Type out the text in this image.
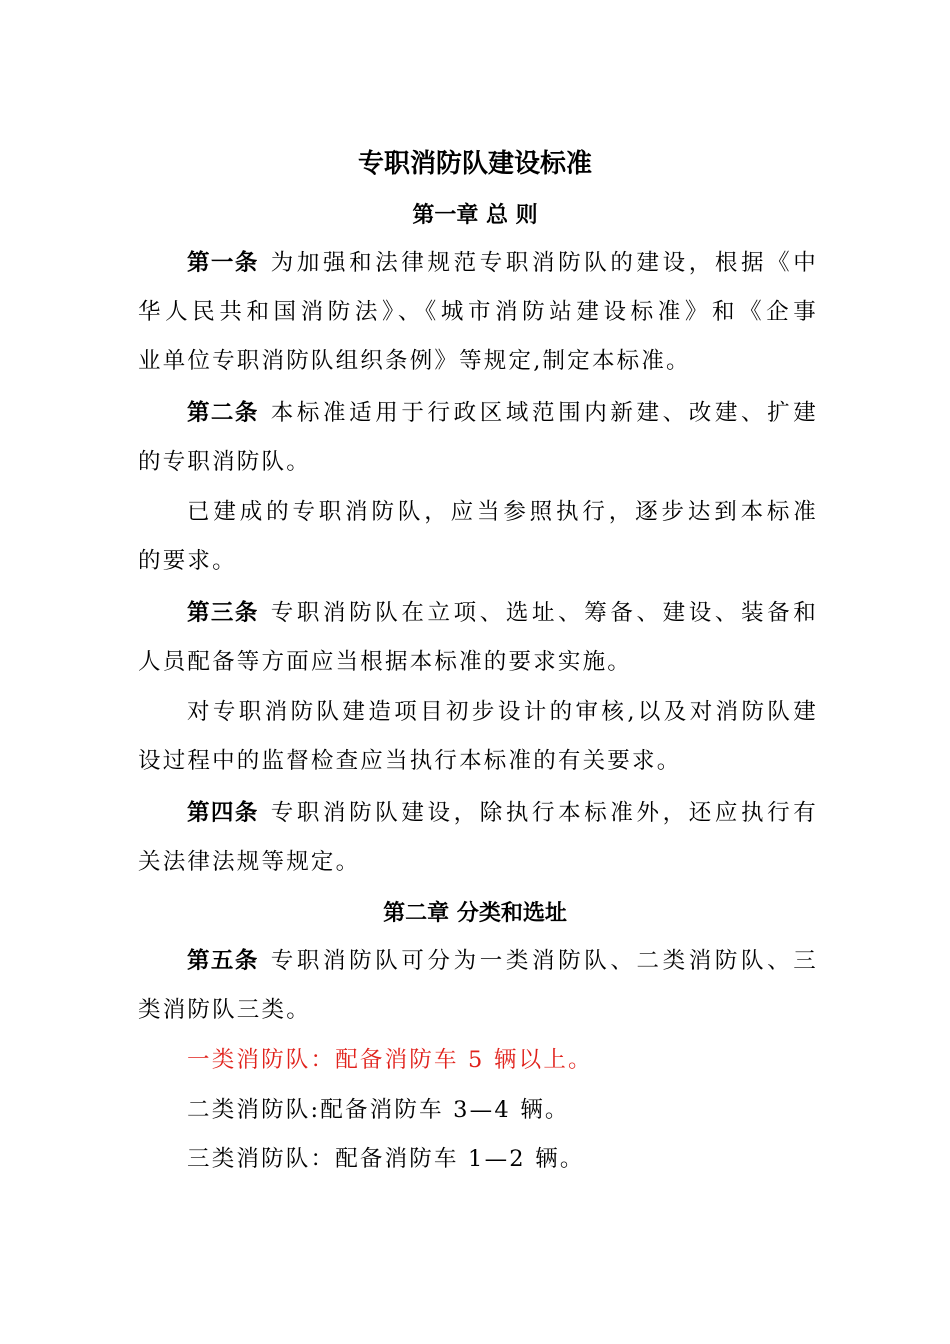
专职消防队建设标准
第一章 总 则
第一条 为加强和法律规范专职消防队的建设，根据《中
华人民共和国消防法》、《城市消防站建设标准》和《企事
业单位专职消防队组织条例》等规定,制定本标准。
第二条 本标准适用于行政区域范围内新建、改建、扩建
的专职消防队。
已建成的专职消防队，应当参照执行，逐步达到本标准
的要求。
第三条 专职消防队在立项、选址、筹备、建设、装备和
人员配备等方面应当根据本标准的要求实施。
对专职消防队建造项目初步设计的审核,以及对消防队建
设过程中的监督检查应当执行本标准的有关要求。
第四条 专职消防队建设，除执行本标准外，还应执行有
关法律法规等规定。
第二章 分类和选址
第五条 专职消防队可分为一类消防队、二类消防队、三
类消防队三类。
一类消防队：配备消防车 5 辆以上。
二类消防队:配备消防车 3—4 辆。
三类消防队：配备消防车 1—2 辆。
